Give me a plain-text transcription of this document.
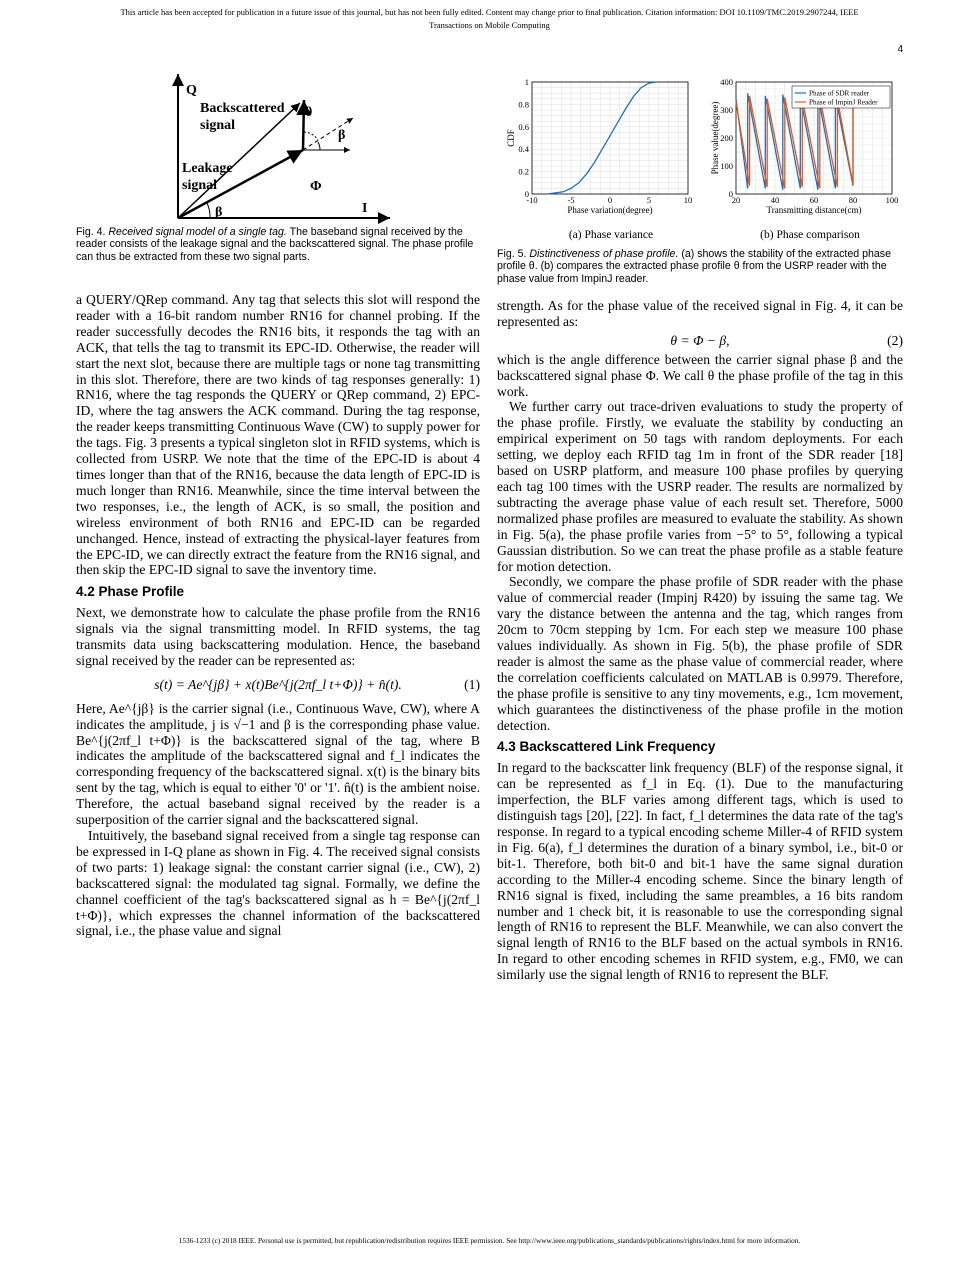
This article has been accepted for publication in a future issue of this journal, but has not been fully edited. Content may change prior to final publication. Citation information: DOI 10.1109/TMC.2019.2907244, IEEE
Transactions on Mobile Computing
4
Q
I
Backscattered
signal
Leakage
signal
θ
β
β
Φ
Fig. 4. Received signal model of a single tag. The baseband signal received by the reader consists of the leakage signal and the backscattered signal. The phase profile can thus be extracted from these two signal parts.
-10	-5	0	5	10
0
0.2
0.4
0.6
0.8
1
Phase variation(degree)
CDF
20	40	60	80	100
0
100
200
300
400
Transmitting distance(cm)
Phase value(degree)
Phase of SDR reader
Phase of ImpinJ Reader
(a) Phase variance	(b) Phase comparison
Fig. 5. Distinctiveness of phase profile. (a) shows the stability of the extracted phase profile θ. (b) compares the extracted phase profile θ from the USRP reader with the phase value from ImpinJ reader.

a QUERY/QRep command. Any tag that selects this slot will respond the reader with a 16-bit random number RN16 for channel probing. If the reader successfully decodes the RN16 bits, it responds the tag with an ACK, that tells the tag to transmit its EPC-ID. Otherwise, the reader will start the next slot, because there are multiple tags or none tag transmitting in this slot. Therefore, there are two kinds of tag responses generally: 1) RN16, where the tag responds the QUERY or QRep command, 2) EPC-ID, where the tag answers the ACK command. During the tag response, the reader keeps transmitting Continuous Wave (CW) to supply power for the tags. Fig. 3 presents a typical singleton slot in RFID systems, which is collected from USRP. We note that the time of the EPC-ID is about 4 times longer than that of the RN16, because the data length of EPC-ID is much longer than RN16. Meanwhile, since the time interval between the two responses, i.e., the length of ACK, is so small, the position and wireless environment of both RN16 and EPC-ID can be regarded unchanged. Hence, instead of extracting the physical-layer features from the EPC-ID, we can directly extract the feature from the RN16 signal, and then skip the EPC-ID signal to save the inventory time.

4.2 Phase Profile

Next, we demonstrate how to calculate the phase profile from the RN16 signals via the signal transmitting model. In RFID systems, the tag transmits data using backscattering modulation. Hence, the baseband signal received by the reader can be represented as:

s(t) = Ae^{jβ} + x(t)Be^{j(2πf_l t+Φ)} + n̂(t).	(1)

Here, Ae^{jβ} is the carrier signal (i.e., Continuous Wave, CW), where A indicates the amplitude, j is √−1 and β is the corresponding phase value. Be^{j(2πf_l t+Φ)} is the backscattered signal of the tag, where B indicates the amplitude of the backscattered signal and f_l indicates the corresponding frequency of the backscattered signal. x(t) is the binary bits sent by the tag, which is equal to either '0' or '1'. n̂(t) is the ambient noise. Therefore, the actual baseband signal received by the reader is a superposition of the carrier signal and the backscattered signal.

Intuitively, the baseband signal received from a single tag response can be expressed in I-Q plane as shown in Fig. 4. The received signal consists of two parts: 1) leakage signal: the constant carrier signal (i.e., CW), 2) backscattered signal: the modulated tag signal. Formally, we define the channel coefficient of the tag's backscattered signal as h = Be^{j(2πf_l t+Φ)}, which expresses the channel information of the backscattered signal, i.e., the phase value and signal

strength. As for the phase value of the received signal in Fig. 4, it can be represented as:

θ = Φ − β,	(2)

which is the angle difference between the carrier signal phase β and the backscattered signal phase Φ. We call θ the phase profile of the tag in this work.

We further carry out trace-driven evaluations to study the property of the phase profile. Firstly, we evaluate the stability by conducting an empirical experiment on 50 tags with random deployments. For each setting, we deploy each RFID tag 1m in front of the SDR reader [18] based on USRP platform, and measure 100 phase profiles by querying each tag 100 times with the USRP reader. The results are normalized by subtracting the average phase value of each result set. Therefore, 5000 normalized phase profiles are measured to evaluate the stability. As shown in Fig. 5(a), the phase profile varies from −5° to 5°, following a typical Gaussian distribution. So we can treat the phase profile as a stable feature for motion detection.

Secondly, we compare the phase profile of SDR reader with the phase value of commercial reader (Impinj R420) by issuing the same tag. We vary the distance between the antenna and the tag, which ranges from 20cm to 70cm stepping by 1cm. For each step we measure 100 phase values individually. As shown in Fig. 5(b), the phase profile of SDR reader is almost the same as the phase value of commercial reader, where the correlation coefficients calculated on MATLAB is 0.9979. Therefore, the phase profile is sensitive to any tiny movements, e.g., 1cm movement, which guarantees the distinctiveness of the phase profile in the motion detection.

4.3 Backscattered Link Frequency

In regard to the backscatter link frequency (BLF) of the response signal, it can be represented as f_l in Eq. (1). Due to the manufacturing imperfection, the BLF varies among different tags, which is used to distinguish tags [20], [22]. In fact, f_l determines the data rate of the tag's response. In regard to a typical encoding scheme Miller-4 of RFID system in Fig. 6(a), f_l determines the duration of a binary symbol, i.e., bit-0 or bit-1. Therefore, both bit-0 and bit-1 have the same signal duration according to the Miller-4 encoding scheme. Since the binary length of RN16 signal is fixed, including the same preambles, a 16 bits random number and 1 check bit, it is reasonable to use the corresponding signal length of RN16 to represent the BLF. Meanwhile, we can also convert the signal length of RN16 to the BLF based on the actual symbols in RN16. In regard to other encoding schemes in RFID system, e.g., FM0, we can similarly use the signal length of RN16 to represent the BLF.

1536-1233 (c) 2018 IEEE. Personal use is permitted, but republication/redistribution requires IEEE permission. See http://www.ieee.org/publications_standards/publications/rights/index.html for more information.
